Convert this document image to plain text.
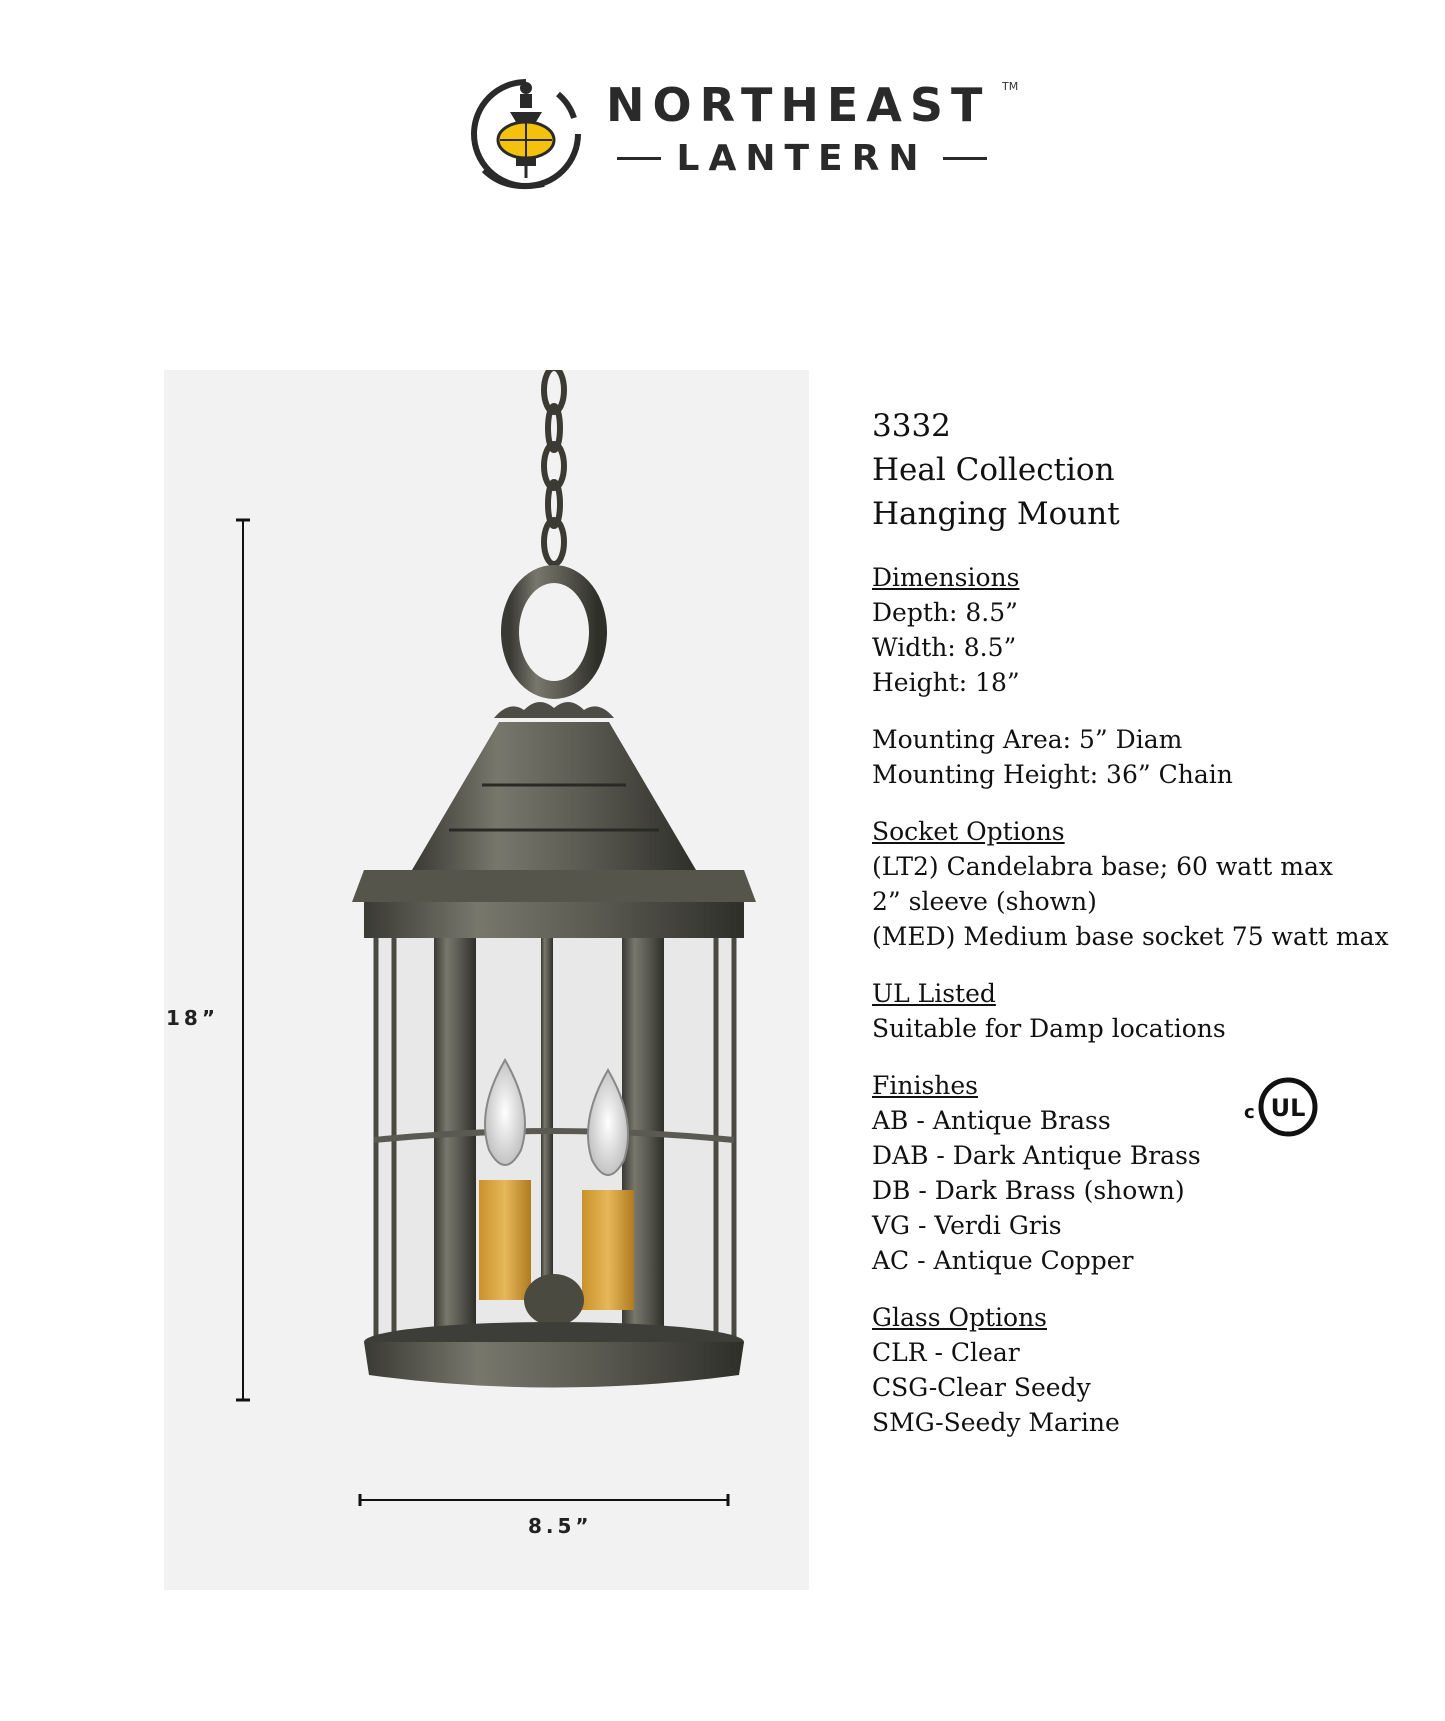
NORTHEAST TM
LANTERN
18”
8.5”

3332

Heal Collection

Hanging Mount

Dimensions

Depth: 8.5”

Width: 8.5”

Height: 18”

Mounting Area: 5” Diam

Mounting Height: 36” Chain

Socket Options

(LT2) Candelabra base; 60 watt max

2” sleeve (shown)

(MED) Medium base socket 75 watt max

UL Listed

Suitable for Damp locations

Finishes

AB - Antique Brass

DAB - Dark Antique Brass

DB - Dark Brass (shown)

VG - Verdi Gris

AC - Antique Copper

Glass Options

CLR - Clear

CSG-Clear Seedy

SMG-Seedy Marine

c UL
